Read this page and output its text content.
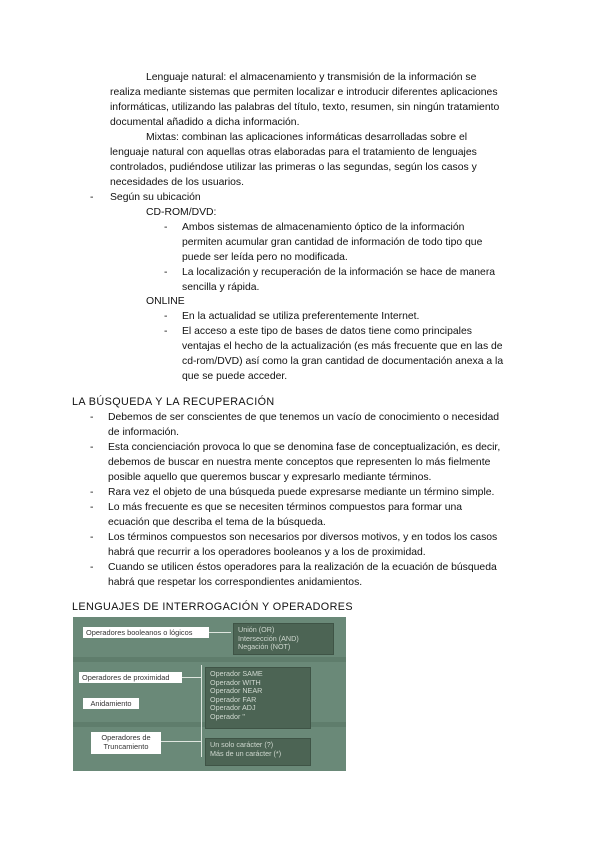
Lenguaje natural: el almacenamiento y transmisión de la información se
realiza mediante sistemas que permiten localizar e introducir diferentes aplicaciones
informáticas, utilizando las palabras del título, texto, resumen, sin ningún tratamiento
documental añadido a dicha información.
Mixtas: combinan las aplicaciones informáticas desarrolladas sobre el
lenguaje natural con aquellas otras elaboradas para el tratamiento de lenguajes
controlados, pudiéndose utilizar las primeras o las segundas, según los casos y
necesidades de los usuarios.
- Según su ubicación
CD-ROM/DVD:
- Ambos sistemas de almacenamiento óptico de la información
permiten acumular gran cantidad de información de todo tipo que
puede ser leída pero no modificada.
- La localización y recuperación de la información se hace de manera
sencilla y rápida.
ONLINE
- En la actualidad se utiliza preferentemente Internet.
- El acceso a este tipo de bases de datos tiene como principales
ventajas el hecho de la actualización (es más frecuente que en las de
cd-rom/DVD) así como la gran cantidad de documentación anexa a la
que se puede acceder.
LA BÚSQUEDA Y LA RECUPERACIÓN
- Debemos de ser conscientes de que tenemos un vacío de conocimiento o necesidad
de información.
- Esta concienciación provoca lo que se denomina fase de conceptualización, es decir,
debemos de buscar en nuestra mente conceptos que representen lo más fielmente
posible aquello que queremos buscar y expresarlo mediante términos.
- Rara vez el objeto de una búsqueda puede expresarse mediante un término simple.
- Lo más frecuente es que se necesiten términos compuestos para formar una
ecuación que describa el tema de la búsqueda.
- Los términos compuestos son necesarios por diversos motivos, y en todos los casos
habrá que recurrir a los operadores booleanos y a los de proximidad.
- Cuando se utilicen éstos operadores para la realización de la ecuación de búsqueda
habrá que respetar los correspondientes anidamientos.
LENGUAJES DE INTERROGACIÓN Y OPERADORES
Operadores booleanos o lógicos	Unión (OR)
Intersección (AND)
Negación (NOT)
Operadores de proximidad	Operador SAME
Operador WITH
Operador NEAR
Operador FAR
Operador ADJ
Operador "
Anidamiento
Operadores de
Truncamiento	Un solo carácter (?)
Más de un carácter (*)
